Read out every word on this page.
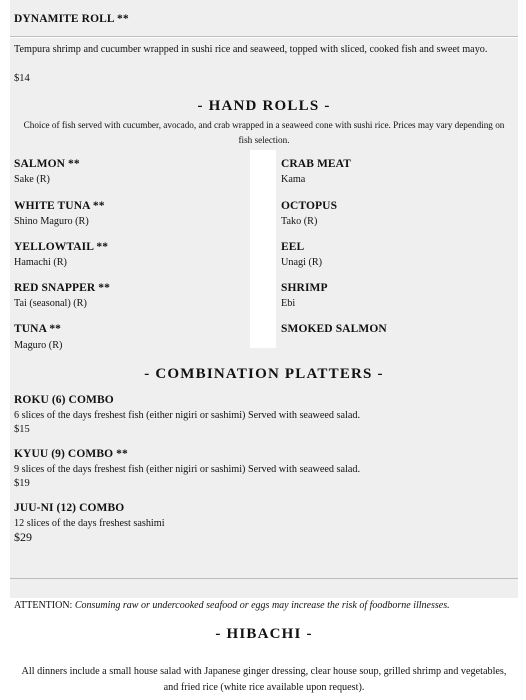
DYNAMITE ROLL **
Tempura shrimp and cucumber wrapped in sushi rice and seaweed, topped with sliced, cooked fish and sweet mayo.
$14
- HAND ROLLS -
Choice of fish served with cucumber, avocado, and crab wrapped in a seaweed cone with sushi rice. Prices may vary depending on fish selection.
SALMON **
Sake (R)
WHITE TUNA **
Shino Maguro (R)
YELLOWTAIL **
Hamachi (R)
RED SNAPPER **
Tai (seasonal) (R)
TUNA **
Maguro (R)
CRAB MEAT
Kama
OCTOPUS
Tako (R)
EEL
Unagi (R)
SHRIMP
Ebi
SMOKED SALMON
- COMBINATION PLATTERS -
ROKU (6) COMBO
6 slices of the days freshest fish (either nigiri or sashimi) Served with seaweed salad.
$15
KYUU (9) COMBO **
9 slices of the days freshest fish (either nigiri or sashimi) Served with seaweed salad.
$19
JUU-NI (12) COMBO
12 slices of the days freshest sashimi
$29
ATTENTION: Consuming raw or undercooked seafood or eggs may increase the risk of foodborne illnesses.
- HIBACHI -
All dinners include a small house salad with Japanese ginger dressing, clear house soup, grilled shrimp and vegetables, and fried rice (white rice available upon request).
